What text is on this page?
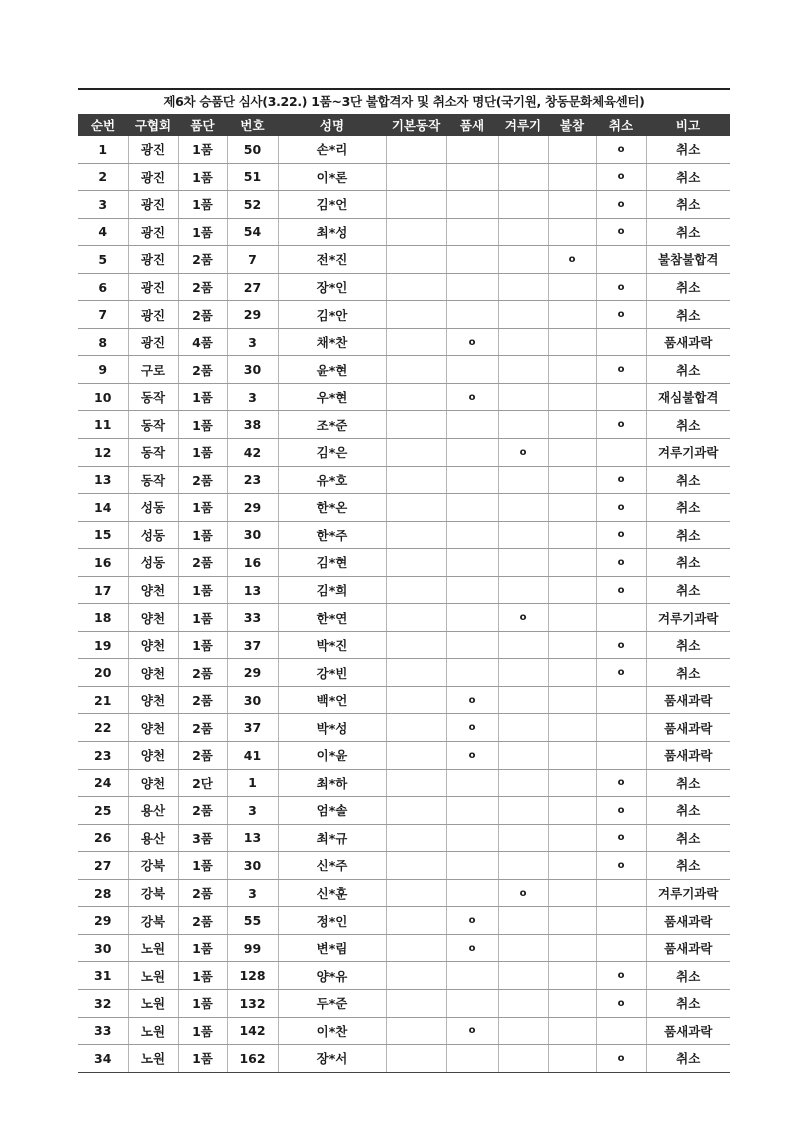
제6차 승품단 심사(3.22.) 1품~3단 불합격자 및 취소자 명단(국기원, 창동문화체육센터)
순번	구협회	품단	번호	성명	기본동작	품새	겨루기	불참	취소	비고
1	광진	1품	50	손*리					o	취소
2	광진	1품	51	이*론					o	취소
3	광진	1품	52	김*언					o	취소
4	광진	1품	54	최*성					o	취소
5	광진	2품	7	전*진				o		불참불합격
6	광진	2품	27	장*인					o	취소
7	광진	2품	29	김*안					o	취소
8	광진	4품	3	채*찬		o				품새과락
9	구로	2품	30	윤*현					o	취소
10	동작	1품	3	우*현		o				재심불합격
11	동작	1품	38	조*준					o	취소
12	동작	1품	42	김*은			o			겨루기과락
13	동작	2품	23	유*호					o	취소
14	성동	1품	29	한*온					o	취소
15	성동	1품	30	한*주					o	취소
16	성동	2품	16	김*현					o	취소
17	양천	1품	13	김*희					o	취소
18	양천	1품	33	한*연			o			겨루기과락
19	양천	1품	37	박*진					o	취소
20	양천	2품	29	강*빈					o	취소
21	양천	2품	30	백*언		o				품새과락
22	양천	2품	37	박*성		o				품새과락
23	양천	2품	41	이*윤		o				품새과락
24	양천	2단	1	최*하					o	취소
25	용산	2품	3	엄*솔					o	취소
26	용산	3품	13	최*규					o	취소
27	강북	1품	30	신*주					o	취소
28	강북	2품	3	신*훈			o			겨루기과락
29	강북	2품	55	정*인		o				품새과락
30	노원	1품	99	변*림		o				품새과락
31	노원	1품	128	양*유					o	취소
32	노원	1품	132	두*준					o	취소
33	노원	1품	142	이*찬		o				품새과락
34	노원	1품	162	장*서					o	취소
